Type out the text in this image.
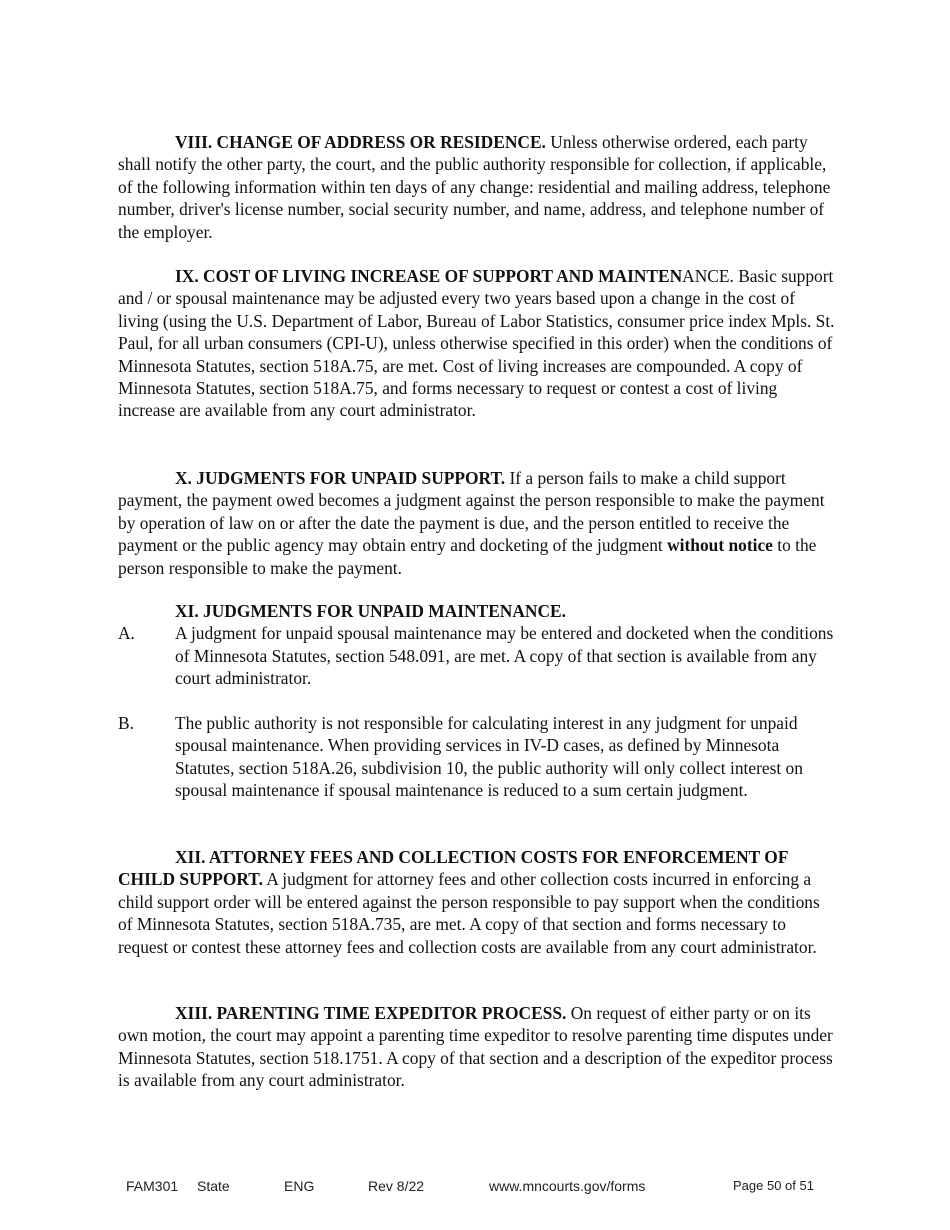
VIII. CHANGE OF ADDRESS OR RESIDENCE. Unless otherwise ordered, each party shall notify the other party, the court, and the public authority responsible for collection, if applicable, of the following information within ten days of any change: residential and mailing address, telephone number, driver's license number, social security number, and name, address, and telephone number of the employer.

IX. COST OF LIVING INCREASE OF SUPPORT AND MAINTENANCE. Basic support and / or spousal maintenance may be adjusted every two years based upon a change in the cost of living (using the U.S. Department of Labor, Bureau of Labor Statistics, consumer price index Mpls. St. Paul, for all urban consumers (CPI-U), unless otherwise specified in this order) when the conditions of Minnesota Statutes, section 518A.75, are met. Cost of living increases are compounded. A copy of Minnesota Statutes, section 518A.75, and forms necessary to request or contest a cost of living increase are available from any court administrator.

X. JUDGMENTS FOR UNPAID SUPPORT. If a person fails to make a child support payment, the payment owed becomes a judgment against the person responsible to make the payment by operation of law on or after the date the payment is due, and the person entitled to receive the payment or the public agency may obtain entry and docketing of the judgment without notice to the person responsible to make the payment.

XI. JUDGMENTS FOR UNPAID MAINTENANCE.

A. A judgment for unpaid spousal maintenance may be entered and docketed when the conditions of Minnesota Statutes, section 548.091, are met. A copy of that section is available from any court administrator.
B. The public authority is not responsible for calculating interest in any judgment for unpaid spousal maintenance. When providing services in IV-D cases, as defined by Minnesota Statutes, section 518A.26, subdivision 10, the public authority will only collect interest on spousal maintenance if spousal maintenance is reduced to a sum certain judgment.

XII. ATTORNEY FEES AND COLLECTION COSTS FOR ENFORCEMENT OF CHILD SUPPORT. A judgment for attorney fees and other collection costs incurred in enforcing a child support order will be entered against the person responsible to pay support when the conditions of Minnesota Statutes, section 518A.735, are met. A copy of that section and forms necessary to request or contest these attorney fees and collection costs are available from any court administrator.

XIII. PARENTING TIME EXPEDITOR PROCESS. On request of either party or on its own motion, the court may appoint a parenting time expeditor to resolve parenting time disputes under Minnesota Statutes, section 518.1751. A copy of that section and a description of the expeditor process is available from any court administrator.

FAM301 State	ENG	Rev 8/22	www.mncourts.gov/forms	Page 50 of 51
